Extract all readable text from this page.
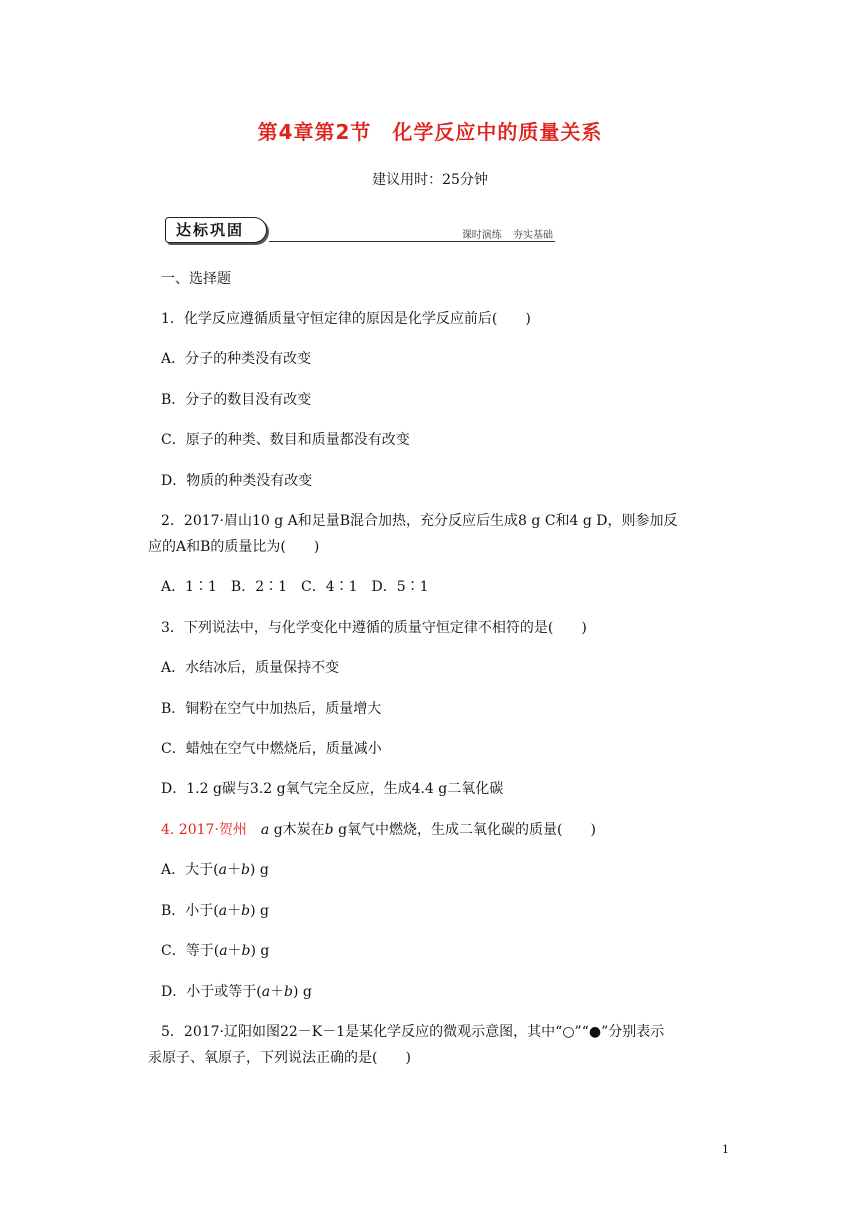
第4章第2节　化学反应中的质量关系
建议用时：25分钟
达标巩固	课时演练 夯实基础
一、选择题
1．化学反应遵循质量守恒定律的原因是化学反应前后(　　)
A．分子的种类没有改变
B．分子的数目没有改变
C．原子的种类、数目和质量都没有改变
D．物质的种类没有改变
2．2017·眉山10 g A和足量B混合加热，充分反应后生成8 g C和4 g D，则参加反
应的A和B的质量比为(　　)
A．1∶1　B．2∶1　C．4∶1　D．5∶1
3．下列说法中，与化学变化中遵循的质量守恒定律不相符的是(　　)
A．水结冰后，质量保持不变
B．铜粉在空气中加热后，质量增大
C．蜡烛在空气中燃烧后，质量减小
D．1.2 g碳与3.2 g氧气完全反应，生成4.4 g二氧化碳
4. 2017·贺州　 a g木炭在b g氧气中燃烧，生成二氧化碳的质量(　　)
A．大于(a＋b) g
B．小于(a＋b) g
C．等于(a＋b) g
D．小于或等于(a＋b) g
5．2017·辽阳如图22－K－1是某化学反应的微观示意图，其中“○”“●”分别表示
汞原子、氧原子，下列说法正确的是(　　)
1
